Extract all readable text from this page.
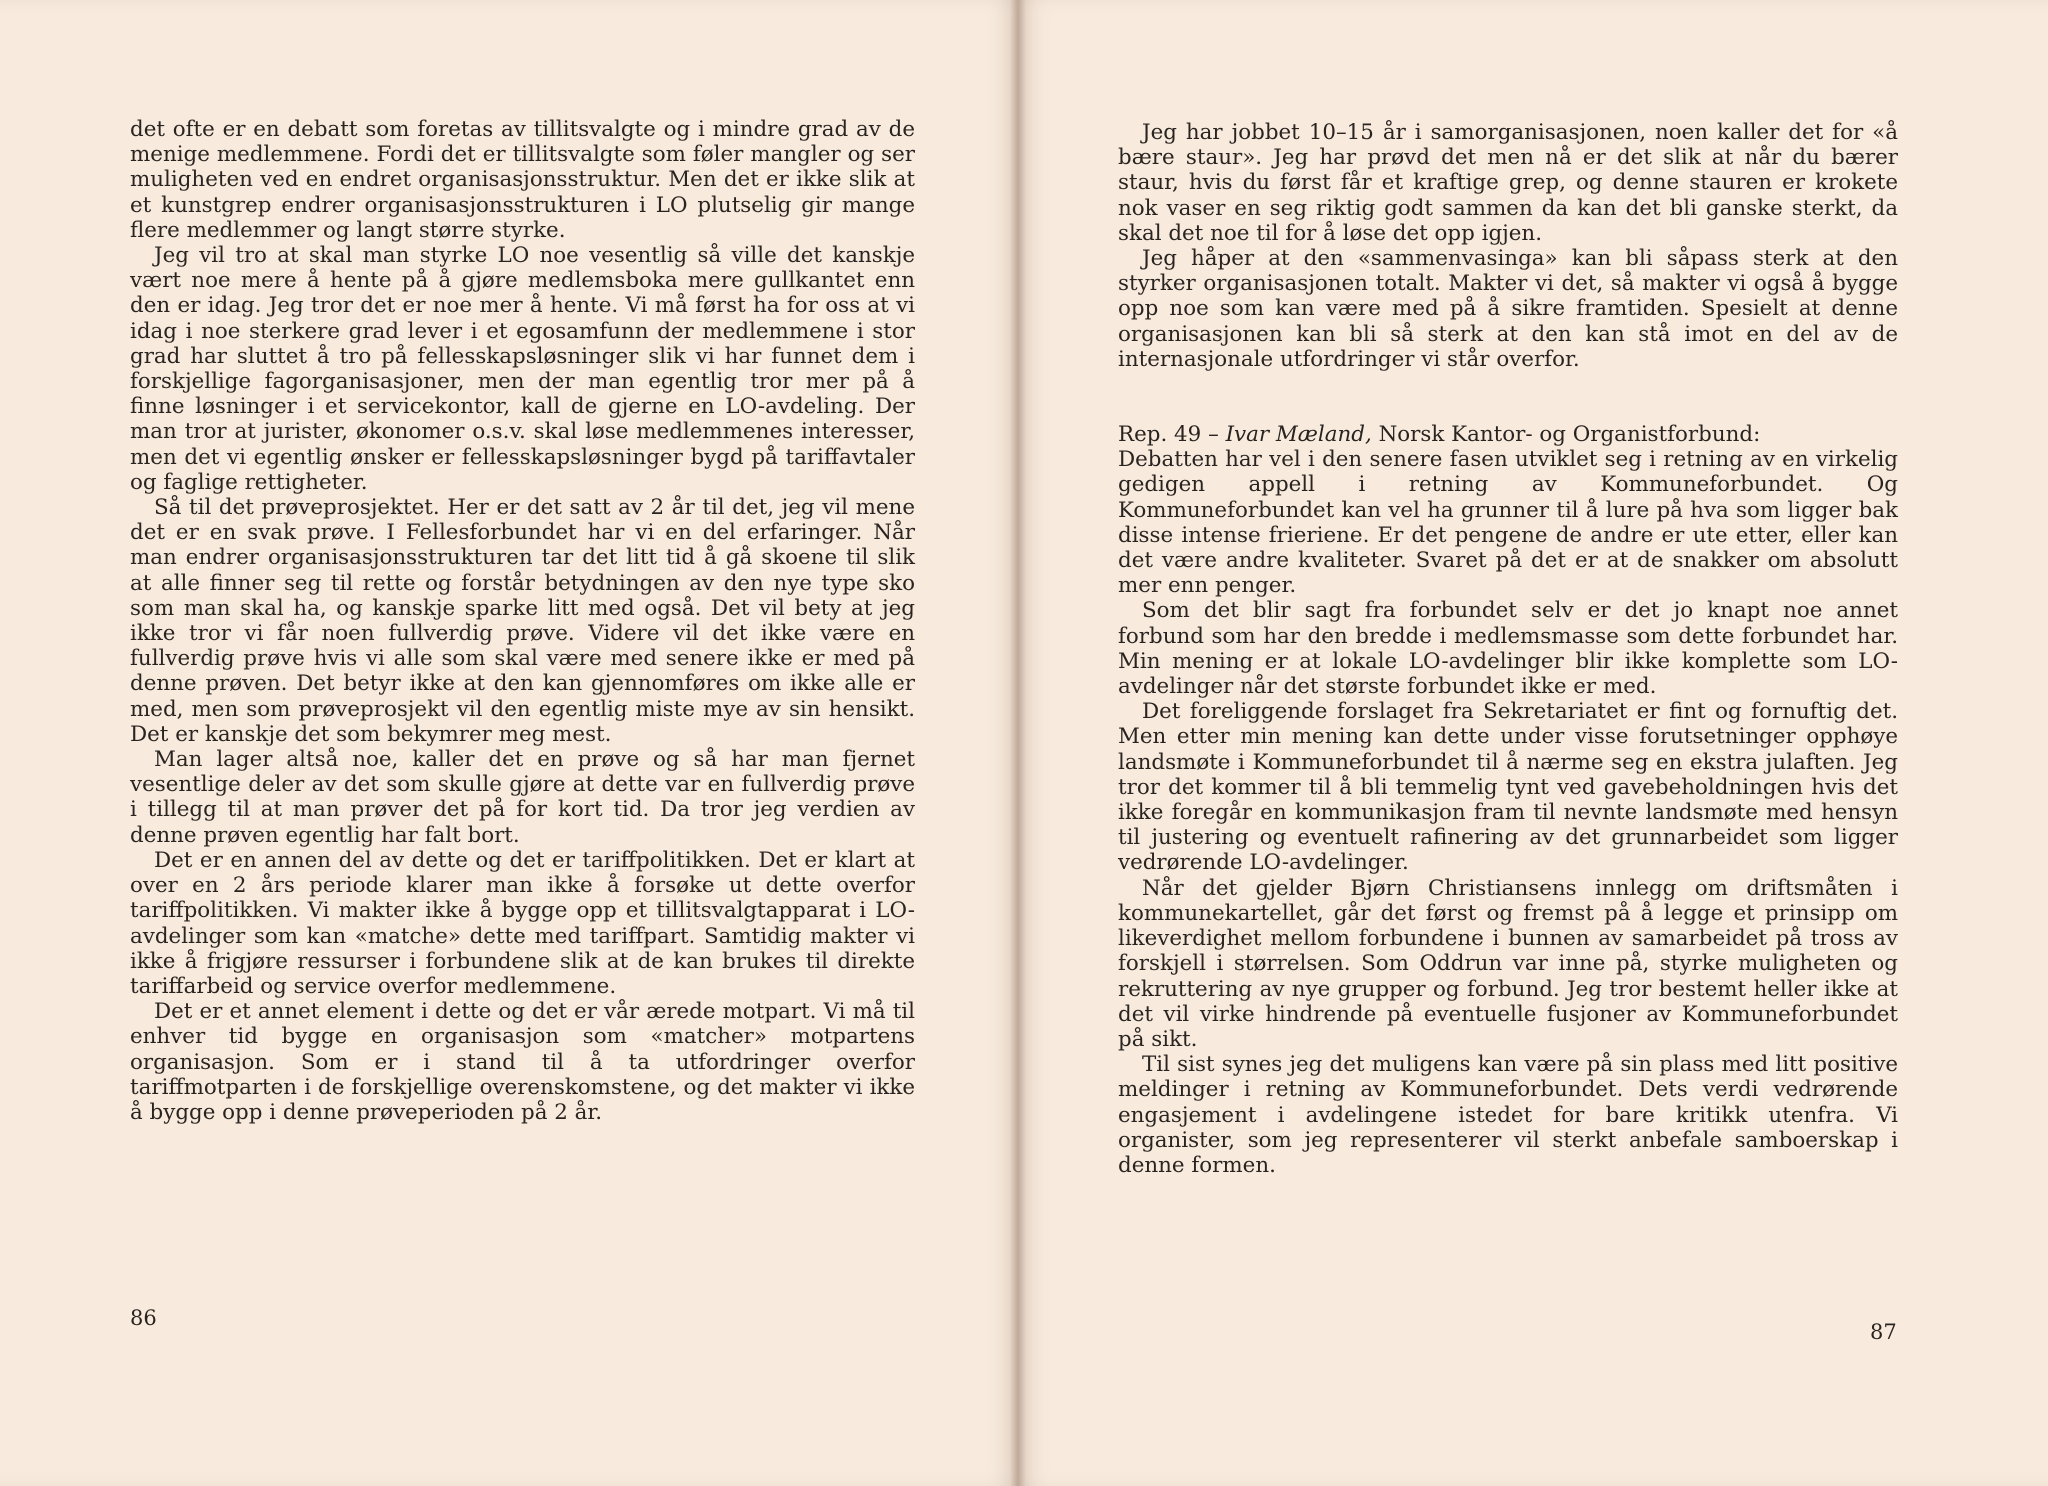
det ofte er en debatt som foretas av tillitsvalgte og i mindre grad av de menige medlemmene. Fordi det er tillitsvalgte som føler mangler og ser muligheten ved en endret organisasjonsstruktur. Men det er ikke slik at et kunstgrep endrer organisasjonsstrukturen i LO plutselig gir mange flere medlemmer og langt større styrke.

Jeg vil tro at skal man styrke LO noe vesentlig så ville det kanskje vært noe mere å hente på å gjøre medlemsboka mere gullkantet enn den er idag. Jeg tror det er noe mer å hente. Vi må først ha for oss at vi idag i noe sterkere grad lever i et egosamfunn der medlemmene i stor grad har sluttet å tro på fellesskapsløsninger slik vi har funnet dem i forskjellige fagorganisasjoner, men der man egentlig tror mer på å finne løsninger i et servicekontor, kall de gjerne en LO-avdeling. Der man tror at jurister, økonomer o.s.v. skal løse medlemmenes interesser, men det vi egentlig ønsker er fellesskapsløsninger bygd på tariffavtaler og faglige rettigheter.

Så til det prøveprosjektet. Her er det satt av 2 år til det, jeg vil mene det er en svak prøve. I Fellesforbundet har vi en del erfaringer. Når man endrer organisasjonsstrukturen tar det litt tid å gå skoene til slik at alle finner seg til rette og forstår betydningen av den nye type sko som man skal ha, og kanskje sparke litt med også. Det vil bety at jeg ikke tror vi får noen fullverdig prøve. Videre vil det ikke være en fullverdig prøve hvis vi alle som skal være med senere ikke er med på denne prøven. Det betyr ikke at den kan gjennomføres om ikke alle er med, men som prøveprosjekt vil den egentlig miste mye av sin hensikt. Det er kanskje det som bekymrer meg mest.

Man lager altså noe, kaller det en prøve og så har man fjernet vesentlige deler av det som skulle gjøre at dette var en fullverdig prøve i tillegg til at man prøver det på for kort tid. Da tror jeg verdien av denne prøven egentlig har falt bort.

Det er en annen del av dette og det er tariffpolitikken. Det er klart at over en 2 års periode klarer man ikke å forsøke ut dette overfor tariffpolitikken. Vi makter ikke å bygge opp et tillitsvalgtapparat i LO-avdelinger som kan «matche» dette med tariffpart. Samtidig makter vi ikke å frigjøre ressurser i forbundene slik at de kan brukes til direkte tariffarbeid og service overfor medlemmene.

Det er et annet element i dette og det er vår ærede motpart. Vi må til enhver tid bygge en organisasjon som «matcher» motpartens organisasjon. Som er i stand til å ta utfordringer overfor tariffmotparten i de forskjellige overenskomstene, og det makter vi ikke å bygge opp i denne prøveperioden på 2 år.

86

Jeg har jobbet 10–15 år i samorganisasjonen, noen kaller det for «å bære staur». Jeg har prøvd det men nå er det slik at når du bærer staur, hvis du først får et kraftige grep, og denne stauren er krokete nok vaser en seg riktig godt sammen da kan det bli ganske sterkt, da skal det noe til for å løse det opp igjen.

Jeg håper at den «sammenvasinga» kan bli såpass sterk at den styrker organisasjonen totalt. Makter vi det, så makter vi også å bygge opp noe som kan være med på å sikre framtiden. Spesielt at denne organisasjonen kan bli så sterk at den kan stå imot en del av de internasjonale utfordringer vi står overfor.

Rep. 49 – Ivar Mæland, Norsk Kantor- og Organistforbund:

Debatten har vel i den senere fasen utviklet seg i retning av en virkelig gedigen appell i retning av Kommuneforbundet. Og Kommuneforbundet kan vel ha grunner til å lure på hva som ligger bak disse intense frieriene. Er det pengene de andre er ute etter, eller kan det være andre kvaliteter. Svaret på det er at de snakker om absolutt mer enn penger.

Som det blir sagt fra forbundet selv er det jo knapt noe annet forbund som har den bredde i medlemsmasse som dette forbundet har. Min mening er at lokale LO-avdelinger blir ikke komplette som LO-avdelinger når det største forbundet ikke er med.

Det foreliggende forslaget fra Sekretariatet er fint og fornuftig det. Men etter min mening kan dette under visse forutsetninger opphøye landsmøte i Kommuneforbundet til å nærme seg en ekstra julaften. Jeg tror det kommer til å bli temmelig tynt ved gavebeholdningen hvis det ikke foregår en kommunikasjon fram til nevnte landsmøte med hensyn til justering og eventuelt rafinering av det grunnarbeidet som ligger vedrørende LO-avdelinger.

Når det gjelder Bjørn Christiansens innlegg om driftsmåten i kommunekartellet, går det først og fremst på å legge et prinsipp om likeverdighet mellom forbundene i bunnen av samarbeidet på tross av forskjell i størrelsen. Som Oddrun var inne på, styrke muligheten og rekruttering av nye grupper og forbund. Jeg tror bestemt heller ikke at det vil virke hindrende på eventuelle fusjoner av Kommuneforbundet på sikt.

Til sist synes jeg det muligens kan være på sin plass med litt positive meldinger i retning av Kommuneforbundet. Dets verdi vedrørende engasjement i avdelingene istedet for bare kritikk utenfra. Vi organister, som jeg representerer vil sterkt anbefale samboerskap i denne formen.

87
